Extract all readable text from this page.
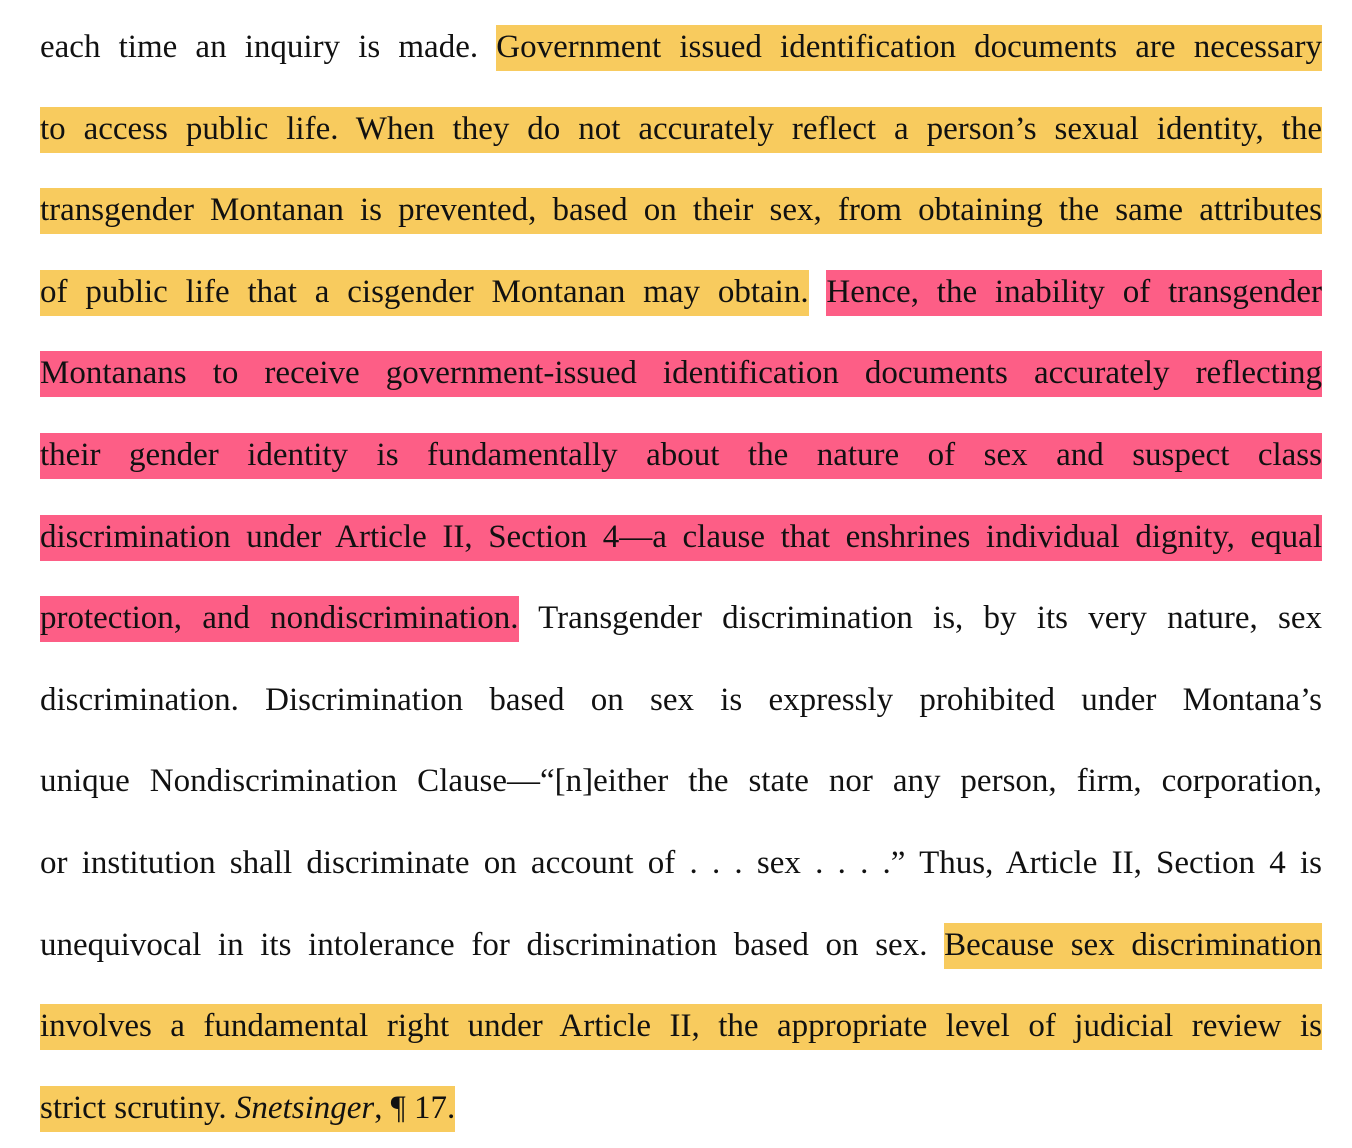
each time an inquiry is made. Government issued identification documents are necessary
to access public life. When they do not accurately reflect a person’s sexual identity, the
transgender Montanan is prevented, based on their sex, from obtaining the same attributes
of public life that a cisgender Montanan may obtain. Hence, the inability of transgender
Montanans to receive government-issued identification documents accurately reflecting
their gender identity is fundamentally about the nature of sex and suspect class
discrimination under Article II, Section 4—a clause that enshrines individual dignity, equal
protection, and nondiscrimination. Transgender discrimination is, by its very nature, sex
discrimination. Discrimination based on sex is expressly prohibited under Montana’s
unique Nondiscrimination Clause—“[n]either the state nor any person, firm, corporation,
or institution shall discriminate on account of . . . sex . . . .” Thus, Article II, Section 4 is
unequivocal in its intolerance for discrimination based on sex. Because sex discrimination
involves a fundamental right under Article II, the appropriate level of judicial review is
strict scrutiny. Snetsinger, ¶ 17.
